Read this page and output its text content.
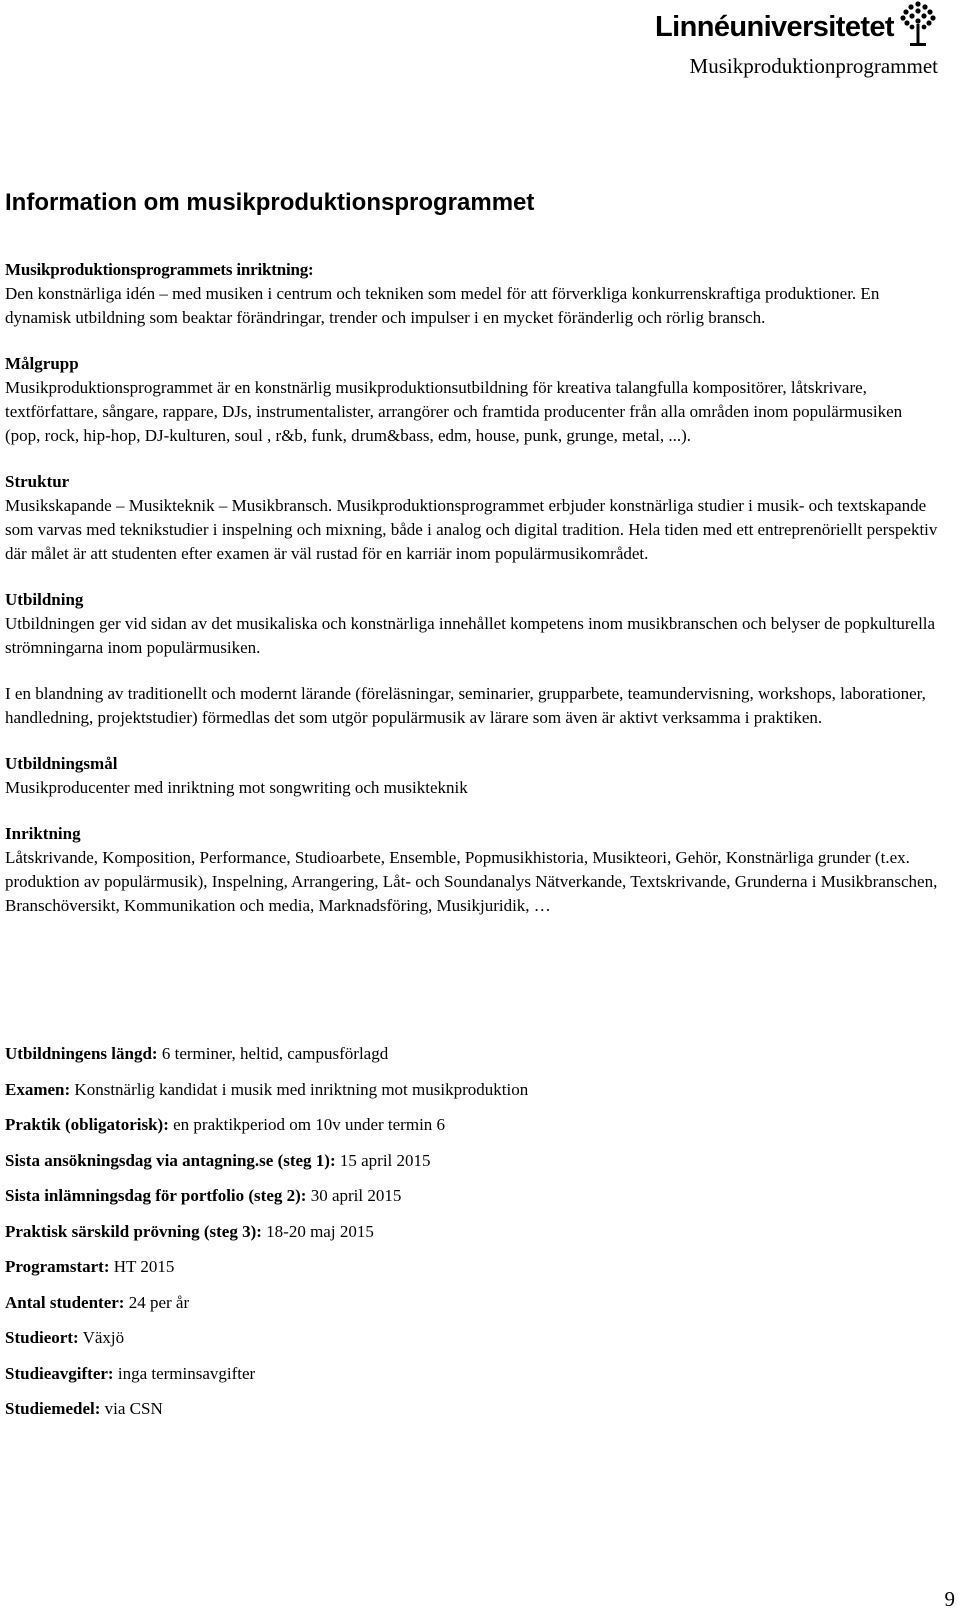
Linnéuniversitetet
Musikproduktionprogrammet
Information om musikproduktionsprogrammet
Musikproduktionsprogrammets inriktning:

Den konstnärliga idén – med musiken i centrum och tekniken som medel för att förverkliga konkurrenskraftiga produktioner. En dynamisk utbildning som beaktar förändringar, trender och impulser i en mycket föränderlig och rörlig bransch.

Målgrupp

Musikproduktionsprogrammet är en konstnärlig musikproduktionsutbildning för kreativa talangfulla kompositörer, låtskrivare, textförfattare, sångare, rappare, DJs, instrumentalister, arrangörer och framtida producenter från alla områden inom populärmusiken (pop, rock, hip-hop, DJ-kulturen, soul , r&b, funk, drum&bass, edm, house, punk, grunge, metal, ...).

Struktur

Musikskapande – Musikteknik – Musikbransch. Musikproduktionsprogrammet erbjuder konstnärliga studier i musik- och textskapande som varvas med teknikstudier i inspelning och mixning, både i analog och digital tradition. Hela tiden med ett entreprenöriellt perspektiv där målet är att studenten efter examen är väl rustad för en karriär inom populärmusikområdet.

Utbildning

Utbildningen ger vid sidan av det musikaliska och konstnärliga innehållet kompetens inom musikbranschen och belyser de popkulturella strömningarna inom populärmusiken.

I en blandning av traditionellt och modernt lärande (föreläsningar, seminarier, grupparbete, teamundervisning, workshops, laborationer, handledning, projektstudier) förmedlas det som utgör populärmusik av lärare som även är aktivt verksamma i praktiken.

Utbildningsmål

Musikproducenter med inriktning mot songwriting och musikteknik

Inriktning

Låtskrivande, Komposition, Performance, Studioarbete, Ensemble, Popmusikhistoria, Musikteori, Gehör, Konstnärliga grunder (t.ex. produktion av populärmusik), Inspelning, Arrangering, Låt- och Soundanalys Nätverkande, Textskrivande, Grunderna i Musikbranschen, Branschöversikt, Kommunikation och media, Marknadsföring, Musikjuridik, …

Utbildningens längd: 6 terminer, heltid, campusförlagd
Examen: Konstnärlig kandidat i musik med inriktning mot musikproduktion
Praktik (obligatorisk): en praktikperiod om 10v under termin 6
Sista ansökningsdag via antagning.se (steg 1): 15 april 2015
Sista inlämningsdag för portfolio (steg 2): 30 april 2015
Praktisk särskild prövning (steg 3): 18-20 maj 2015
Programstart: HT 2015
Antal studenter: 24 per år
Studieort: Växjö
Studieavgifter: inga terminsavgifter
Studiemedel: via CSN
9
